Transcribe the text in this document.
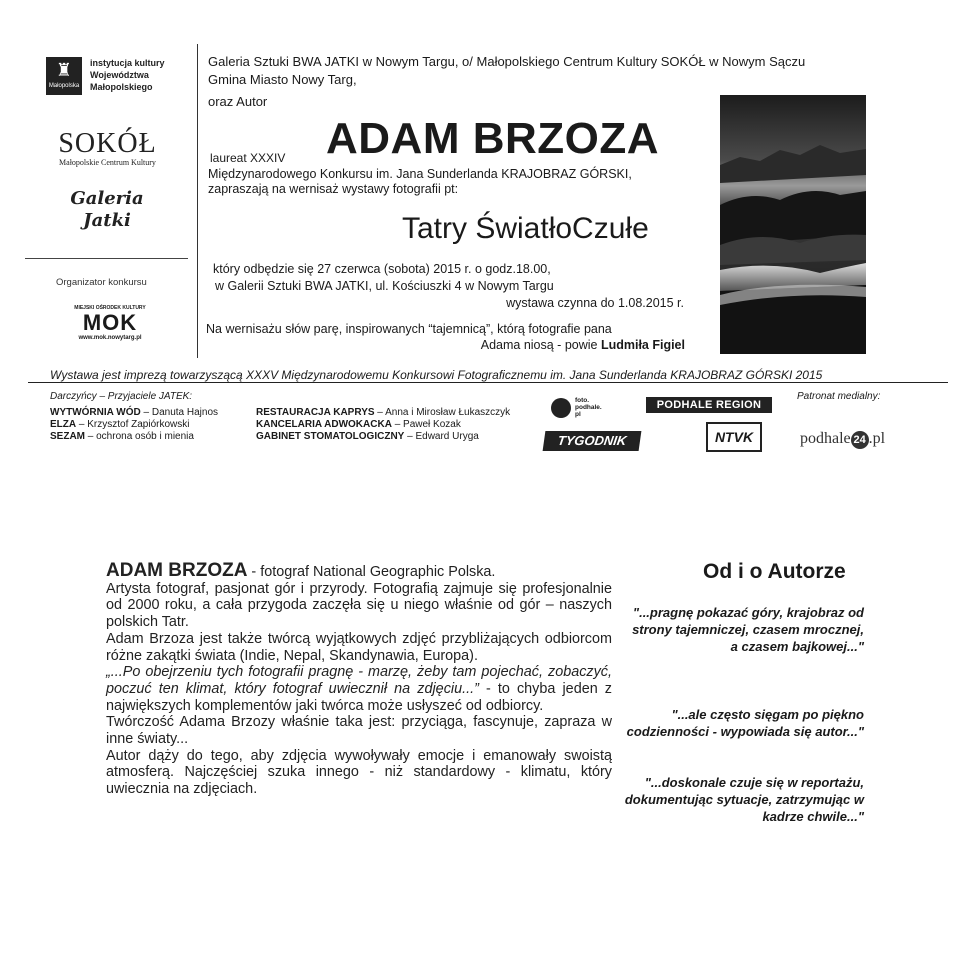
♜
Małopolska
instytucja kultury
Województwa
Małopolskiego
SOKÓŁ
Małopolskie Centrum Kultury
Galeria
Jatki
Organizator konkursu
MIEJSKI OŚRODEK KULTURY
MOK
www.mok.nowytarg.pl
Galeria Sztuki BWA JATKI w Nowym Targu, o/ Małopolskiego Centrum Kultury SOKÓŁ w Nowym Sączu
Gmina Miasto Nowy Targ,
oraz Autor
laureat XXXIV ADAM BRZOZA
Międzynarodowego Konkursu im. Jana Sunderlanda KRAJOBRAZ GÓRSKI,
zapraszają na wernisaż wystawy fotografii pt:
Tatry ŚwiatłoCzułe
który odbędzie się 27 czerwca (sobota) 2015 r. o godz.18.00,
w Galerii Sztuki BWA JATKI, ul. Kościuszki 4 w Nowym Targu
wystawa czynna do 1.08.2015 r.
Na wernisażu słów parę, inspirowanych “tajemnicą”, którą fotografie pana
Adama niosą - powie Ludmiła Figiel
Wystawa jest imprezą towarzyszącą XXXV Międzynarodowemu Konkursowi Fotograficznemu im. Jana Sunderlanda KRAJOBRAZ GÓRSKI 2015
Darczyńcy – Przyjaciele JATEK:
WYTWÓRNIA WÓD – Danuta Hajnos
ELZA – Krzysztof Zapiórkowski
SEZAM – ochrona osób i mienia
RESTAURACJA KAPRYS – Anna i Mirosław Łukaszczyk
KANCELARIA ADWOKACKA – Paweł Kozak
GABINET STOMATOLOGICZNY – Edward Uryga
foto.
podhale.
pl
PODHALE REGION
Patronat medialny:
TYGODNIK	NTVK	podhale 24 .pl

ADAM BRZOZA - fotograf National Geographic Polska.

Artysta fotograf, pasjonat gór i przyrody. Fotografią zajmuje się profesjonalnie od 2000 roku, a cała przygoda zaczęła się u niego właśnie od gór – naszych polskich Tatr.

Adam Brzoza jest także twórcą wyjątkowych zdjęć przybliżających odbiorcom różne zakątki świata (Indie, Nepal, Skandynawia, Europa).

„...Po obejrzeniu tych fotografii pragnę - marzę, żeby tam pojechać, zobaczyć, poczuć ten klimat, który fotograf uwiecznił na zdjęciu...” - to chyba jeden z największych komplementów jaki twórca może usłyszeć od odbiorcy.

Twórczość Adama Brzozy właśnie taka jest: przyciąga, fascynuje, zapraza w inne światy...

Autor dąży do tego, aby zdjęcia wywoływały emocje i emanowały swoistą atmosferą. Najczęściej szuka innego - niż standardowy - klimatu, który uwiecznia na zdjęciach.

Od i o Autorze
"...pragnę pokazać góry, krajobraz od strony tajemniczej, czasem mrocznej, a czasem bajkowej..."
"...ale często sięgam po piękno codzienności - wypowiada się autor..."
"...doskonale czuje się w reportażu, dokumentując sytuacje, zatrzymując w kadrze chwile..."
